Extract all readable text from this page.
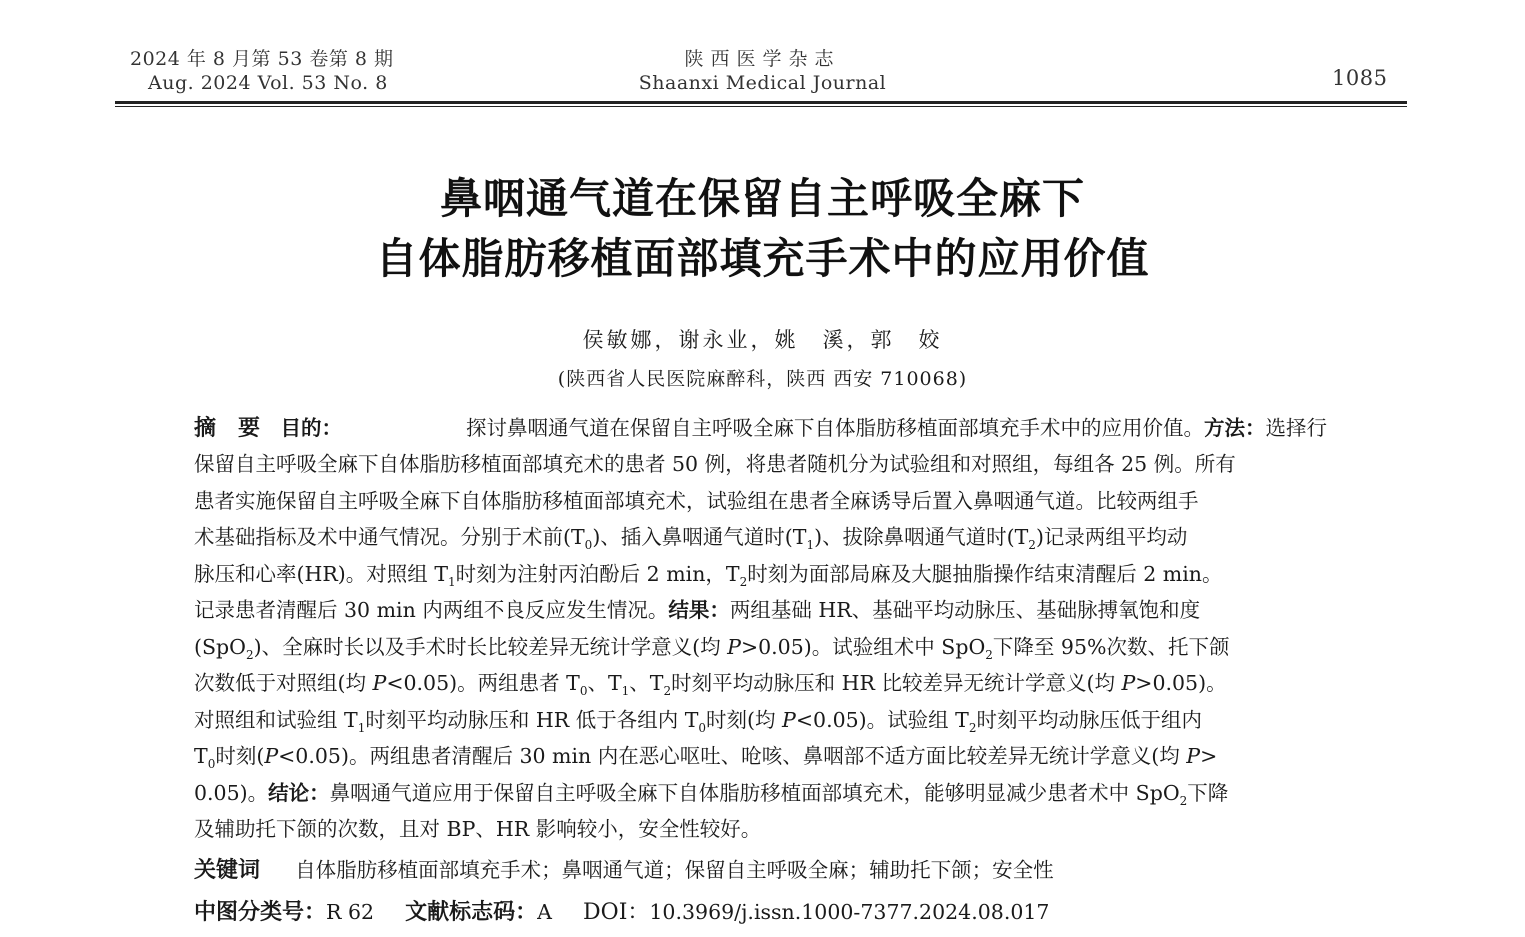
2024 年 8 月第 53 卷第 8 期
Aug. 2024 Vol. 53 No. 8
陕西医学杂志
Shaanxi Medical Journal	1085
鼻咽通气道在保留自主呼吸全麻下
自体脂肪移植面部填充手术中的应用价值
侯敏娜，谢永业，姚　溪，郭　姣
(陕西省人民医院麻醉科，陕西 西安 710068)
摘　要　 目的：	探讨鼻咽通气道在保留自主呼吸全麻下自体脂肪移植面部填充手术中的应用价值。方法：选择行
保留自主呼吸全麻下自体脂肪移植面部填充术的患者 50 例，将患者随机分为试验组和对照组，每组各 25 例。所有
患者实施保留自主呼吸全麻下自体脂肪移植面部填充术，试验组在患者全麻诱导后置入鼻咽通气道。比较两组手
术基础指标及术中通气情况。分别于术前$(T_0)$、插入鼻咽通气道时$(T_1)$、拔除鼻咽通气道时$(T_2)$记录两组平均动
脉压和心率(HR)。对照组 $T_1$时刻为注射丙泊酚后 2 min，$T_2$时刻为面部局麻及大腿抽脂操作结束清醒后 2 min。
记录患者清醒后 30 min 内两组不良反应发生情况。结果：两组基础 HR、基础平均动脉压、基础脉搏氧饱和度
(SpO$_2$)、全麻时长以及手术时长比较差异无统计学意义(均 P>0.05)。试验组术中 SpO$_2$下降至 95%次数、托下颌
次数低于对照组(均 P<0.05)。两组患者 $T_0$、$T_1$、$T_2$时刻平均动脉压和 HR 比较差异无统计学意义(均 P>0.05)。
对照组和试验组 $T_1$时刻平均动脉压和 HR 低于各组内 $T_0$时刻(均 P<0.05)。试验组 $T_2$时刻平均动脉压低于组内
$T_0$时刻(P<0.05)。两组患者清醒后 30 min 内在恶心呕吐、呛咳、鼻咽部不适方面比较差异无统计学意义(均 P>
0.05)。结论：鼻咽通气道应用于保留自主呼吸全麻下自体脂肪移植面部填充术，能够明显减少患者术中 SpO$_2$下降
及辅助托下颌的次数，且对 BP、HR 影响较小，安全性较好。
关键词 自体脂肪移植面部填充手术；鼻咽通气道；保留自主呼吸全麻；辅助托下颌；安全性
中图分类号：R 62 文献标志码：A DOI：10.3969/j.issn.1000-7377.2024.08.017
